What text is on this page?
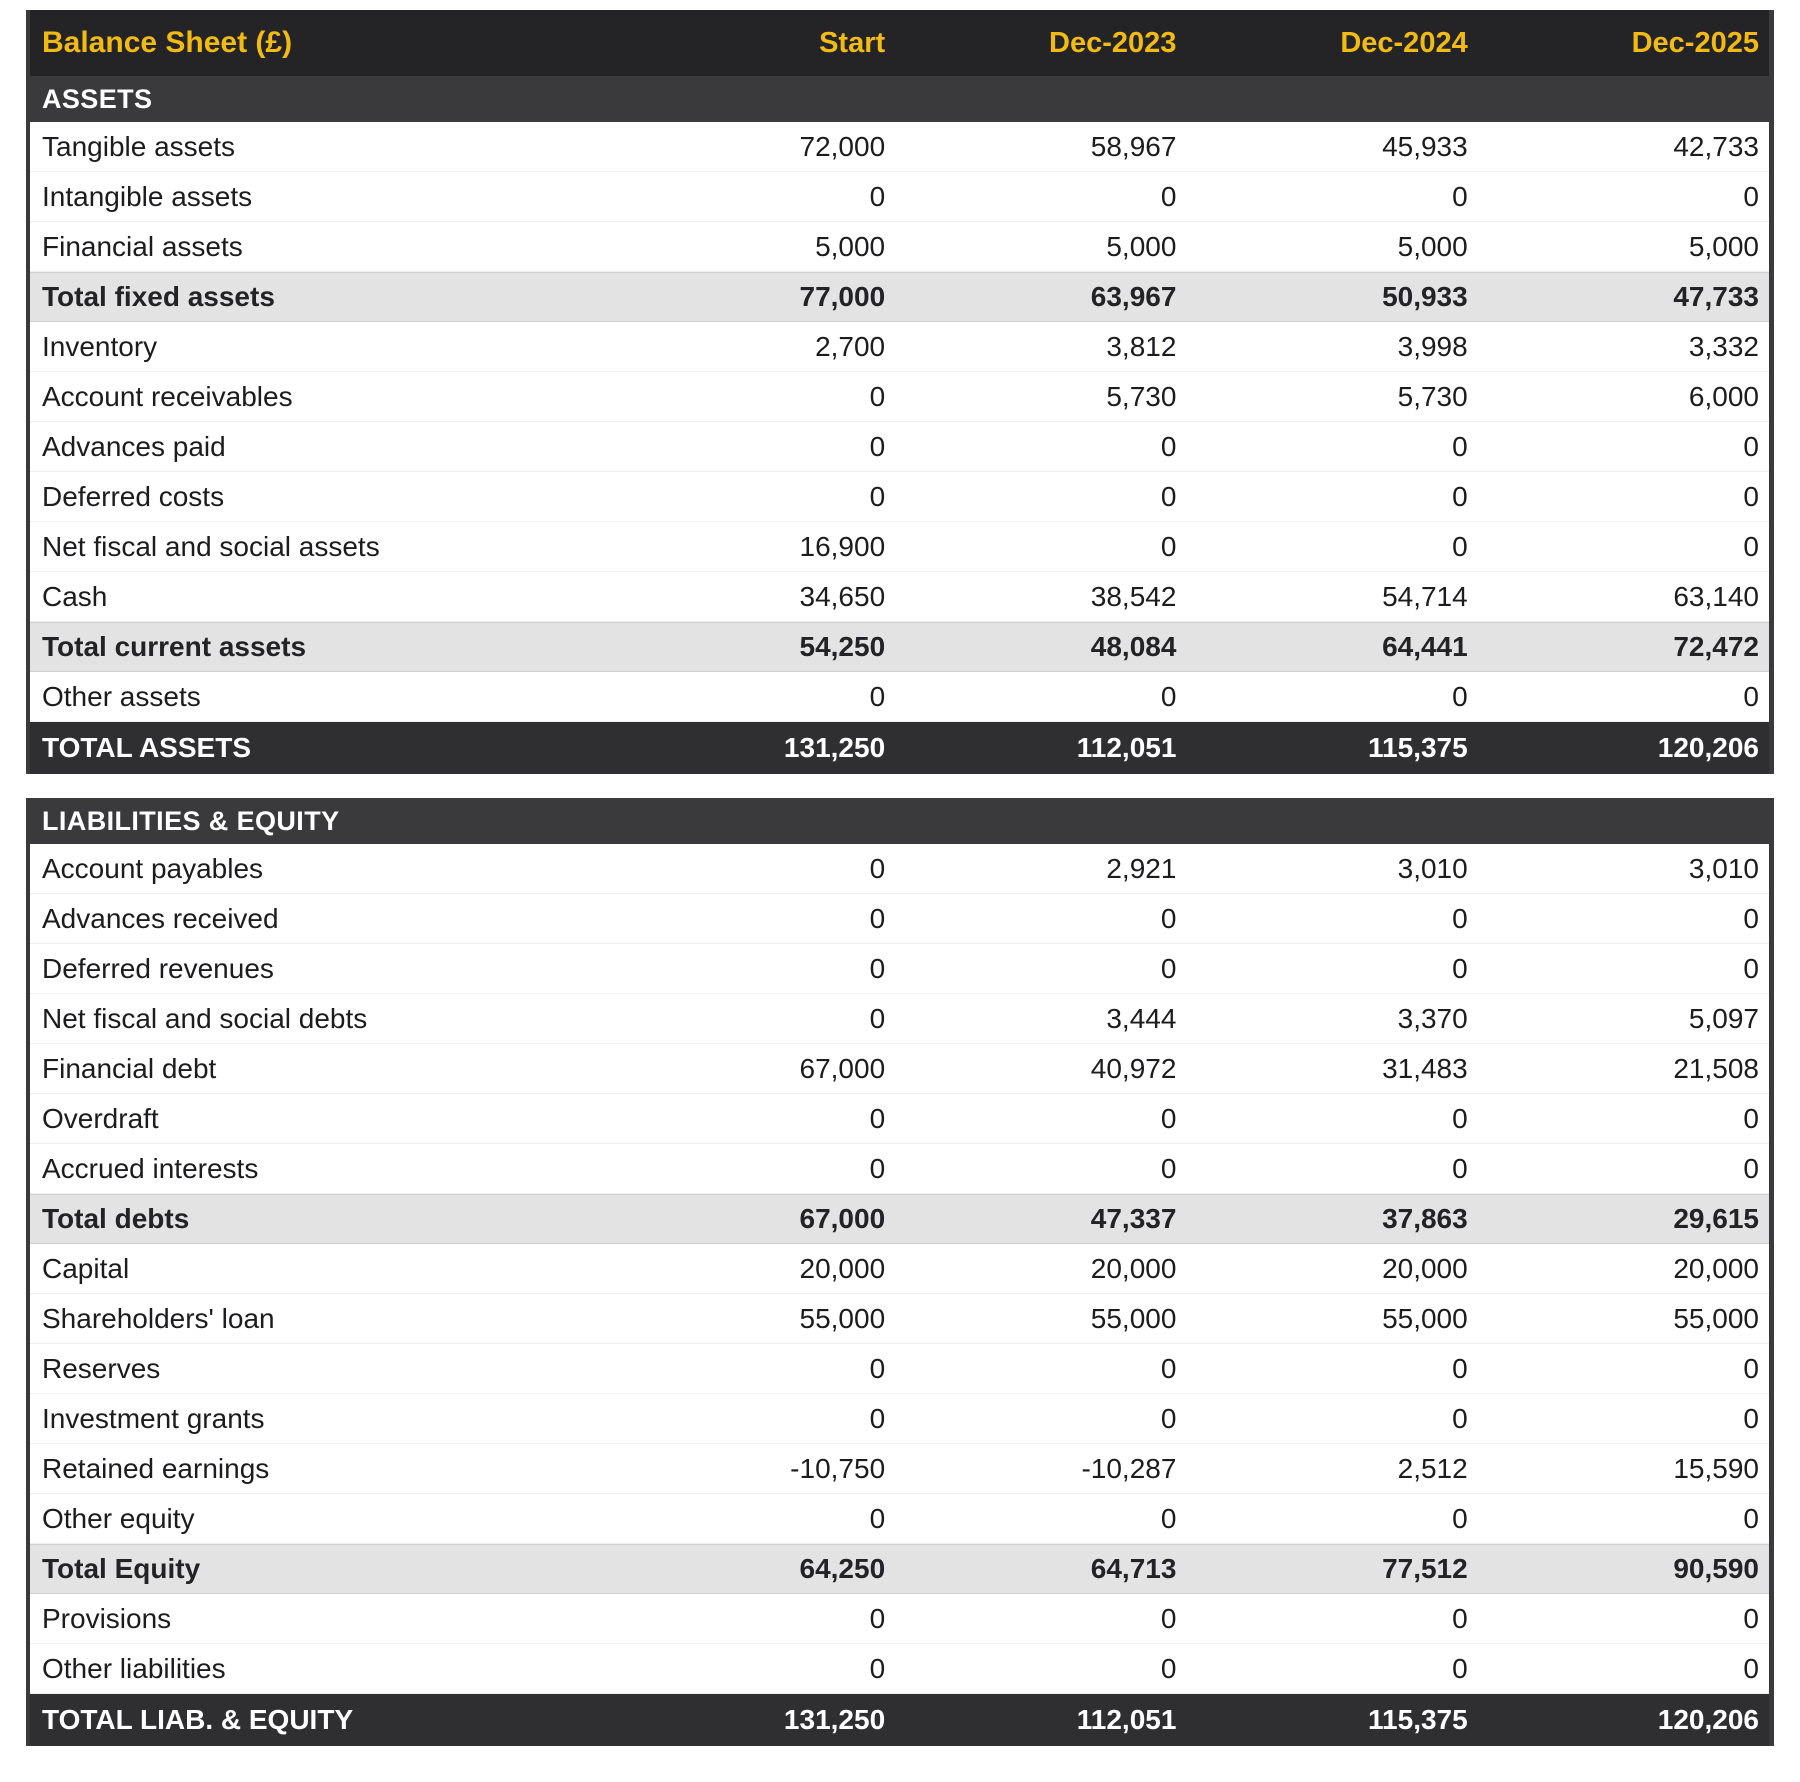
Balance Sheet (£)	Start	Dec-2023	Dec-2024	Dec-2025
ASSETS
Tangible assets	72,000	58,967	45,933	42,733
Intangible assets	0	0	0	0
Financial assets	5,000	5,000	5,000	5,000
Total fixed assets	77,000	63,967	50,933	47,733
Inventory	2,700	3,812	3,998	3,332
Account receivables	0	5,730	5,730	6,000
Advances paid	0	0	0	0
Deferred costs	0	0	0	0
Net fiscal and social assets	16,900	0	0	0
Cash	34,650	38,542	54,714	63,140
Total current assets	54,250	48,084	64,441	72,472
Other assets	0	0	0	0
TOTAL ASSETS	131,250	112,051	115,375	120,206
LIABILITIES & EQUITY
Account payables	0	2,921	3,010	3,010
Advances received	0	0	0	0
Deferred revenues	0	0	0	0
Net fiscal and social debts	0	3,444	3,370	5,097
Financial debt	67,000	40,972	31,483	21,508
Overdraft	0	0	0	0
Accrued interests	0	0	0	0
Total debts	67,000	47,337	37,863	29,615
Capital	20,000	20,000	20,000	20,000
Shareholders' loan	55,000	55,000	55,000	55,000
Reserves	0	0	0	0
Investment grants	0	0	0	0
Retained earnings	-10,750	-10,287	2,512	15,590
Other equity	0	0	0	0
Total Equity	64,250	64,713	77,512	90,590
Provisions	0	0	0	0
Other liabilities	0	0	0	0
TOTAL LIAB. & EQUITY	131,250	112,051	115,375	120,206
